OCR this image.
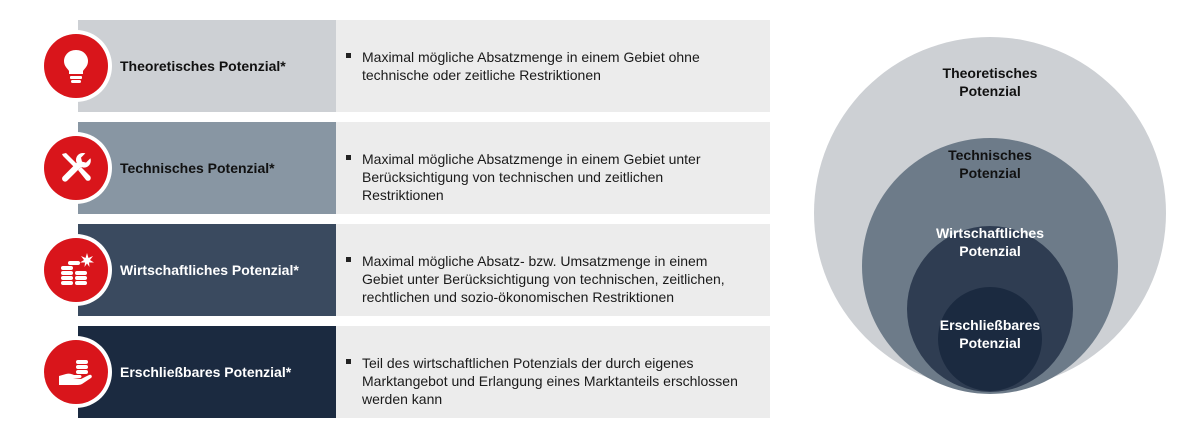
Theoretisches Potenzial*
Maximal mögliche Absatzmenge in einem Gebiet ohne
technische oder zeitliche Restriktionen
Technisches Potenzial*
Maximal mögliche Absatzmenge in einem Gebiet unter
Berücksichtigung von technischen und zeitlichen
Restriktionen
Wirtschaftliches Potenzial*
Maximal mögliche Absatz- bzw. Umsatzmenge in einem
Gebiet unter Berücksichtigung von technischen, zeitlichen,
rechtlichen und sozio-ökonomischen Restriktionen
Erschließbares Potenzial*
Teil des wirtschaftlichen Potenzials der durch eigenes
Marktangebot und Erlangung eines Marktanteils erschlossen
werden kann
Theoretisches
Potenzial
Technisches
Potenzial
Wirtschaftliches
Potenzial
Erschließbares
Potenzial
